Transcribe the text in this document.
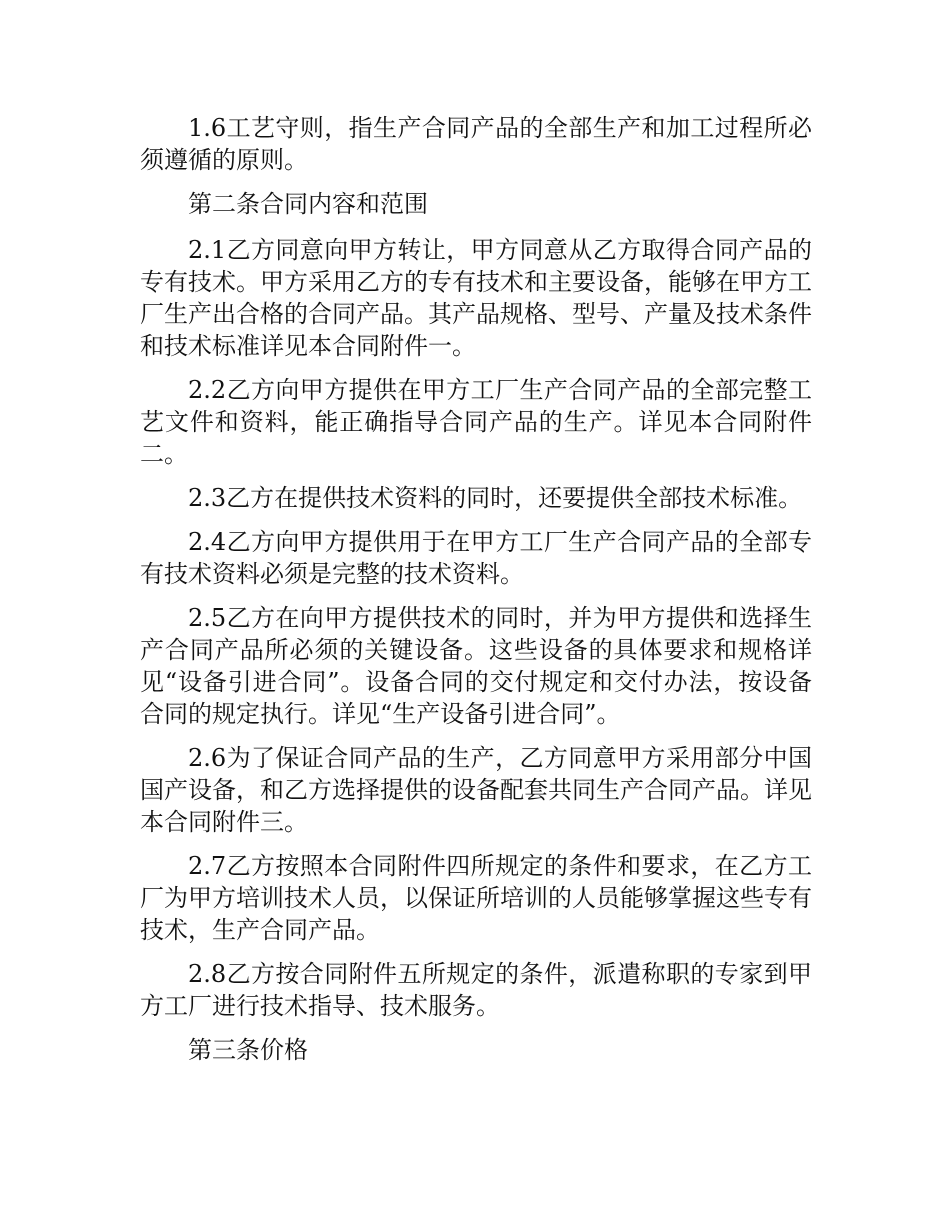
1.6工艺守则，指生产合同产品的全部生产和加工过程所必须遵循的原则。

第二条合同内容和范围

2.1乙方同意向甲方转让，甲方同意从乙方取得合同产品的专有技术。甲方采用乙方的专有技术和主要设备，能够在甲方工厂生产出合格的合同产品。其产品规格、型号、产量及技术条件和技术标准详见本合同附件一。

2.2乙方向甲方提供在甲方工厂生产合同产品的全部完整工艺文件和资料，能正确指导合同产品的生产。详见本合同附件二。

2.3乙方在提供技术资料的同时，还要提供全部技术标准。

2.4乙方向甲方提供用于在甲方工厂生产合同产品的全部专有技术资料必须是完整的技术资料。

2.5乙方在向甲方提供技术的同时，并为甲方提供和选择生产合同产品所必须的关键设备。这些设备的具体要求和规格详见“设备引进合同”。设备合同的交付规定和交付办法，按设备合同的规定执行。详见“生产设备引进合同”。

2.6为了保证合同产品的生产，乙方同意甲方采用部分中国国产设备，和乙方选择提供的设备配套共同生产合同产品。详见本合同附件三。

2.7乙方按照本合同附件四所规定的条件和要求，在乙方工厂为甲方培训技术人员，以保证所培训的人员能够掌握这些专有技术，生产合同产品。

2.8乙方按合同附件五所规定的条件，派遣称职的专家到甲方工厂进行技术指导、技术服务。

第三条价格
